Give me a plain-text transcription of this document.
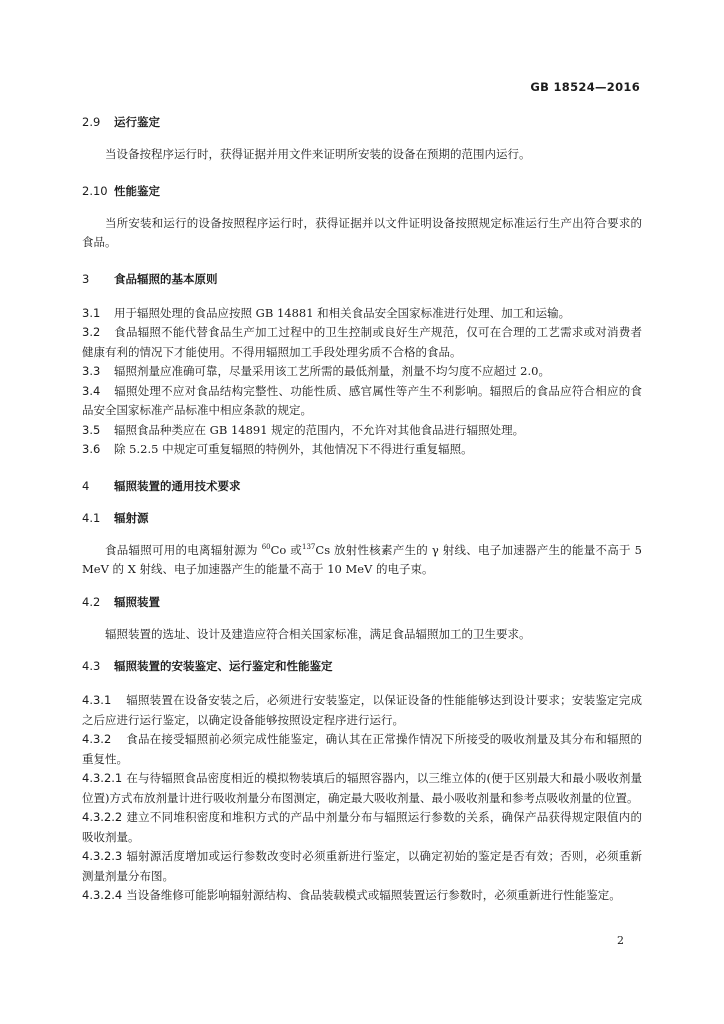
GB 18524—2016
2.9 运行鉴定
当设备按程序运行时，获得证据并用文件来证明所安装的设备在预期的范围内运行。
2.10 性能鉴定
当所安装和运行的设备按照程序运行时，获得证据并以文件证明设备按照规定标准运行生产出符合要求的食品。
3 食品辐照的基本原则
3.1 用于辐照处理的食品应按照 GB 14881 和相关食品安全国家标准进行处理、加工和运输。
3.2 食品辐照不能代替食品生产加工过程中的卫生控制或良好生产规范，仅可在合理的工艺需求或对消费者健康有利的情况下才能使用。不得用辐照加工手段处理劣质不合格的食品。
3.3 辐照剂量应准确可靠，尽量采用该工艺所需的最低剂量，剂量不均匀度不应超过 2.0。
3.4 辐照处理不应对食品结构完整性、功能性质、感官属性等产生不利影响。辐照后的食品应符合相应的食品安全国家标准产品标准中相应条款的规定。
3.5 辐照食品种类应在 GB 14891 规定的范围内，不允许对其他食品进行辐照处理。
3.6 除 5.2.5 中规定可重复辐照的特例外，其他情况下不得进行重复辐照。
4 辐照装置的通用技术要求
4.1 辐射源
食品辐照可用的电离辐射源为 $^{60}$Co 或$^{137}$Cs 放射性核素产生的 γ 射线、电子加速器产生的能量不高于 5 MeV 的 X 射线、电子加速器产生的能量不高于 10 MeV 的电子束。
4.2 辐照装置
辐照装置的选址、设计及建造应符合相关国家标准，满足食品辐照加工的卫生要求。
4.3 辐照装置的安装鉴定、运行鉴定和性能鉴定
4.3.1 辐照装置在设备安装之后，必须进行安装鉴定，以保证设备的性能能够达到设计要求；安装鉴定完成之后应进行运行鉴定，以确定设备能够按照设定程序进行运行。
4.3.2 食品在接受辐照前必须完成性能鉴定，确认其在正常操作情况下所接受的吸收剂量及其分布和辐照的重复性。
4.3.2.1 在与待辐照食品密度相近的模拟物装填后的辐照容器内，以三维立体的(便于区别最大和最小吸收剂量位置)方式布放剂量计进行吸收剂量分布图测定，确定最大吸收剂量、最小吸收剂量和参考点吸收剂量的位置。
4.3.2.2 建立不同堆积密度和堆积方式的产品中剂量分布与辐照运行参数的关系，确保产品获得规定限值内的吸收剂量。
4.3.2.3 辐射源活度增加或运行参数改变时必须重新进行鉴定，以确定初始的鉴定是否有效；否则，必须重新测量剂量分布图。
4.3.2.4 当设备维修可能影响辐射源结构、食品装载模式或辐照装置运行参数时，必须重新进行性能鉴定。
2
